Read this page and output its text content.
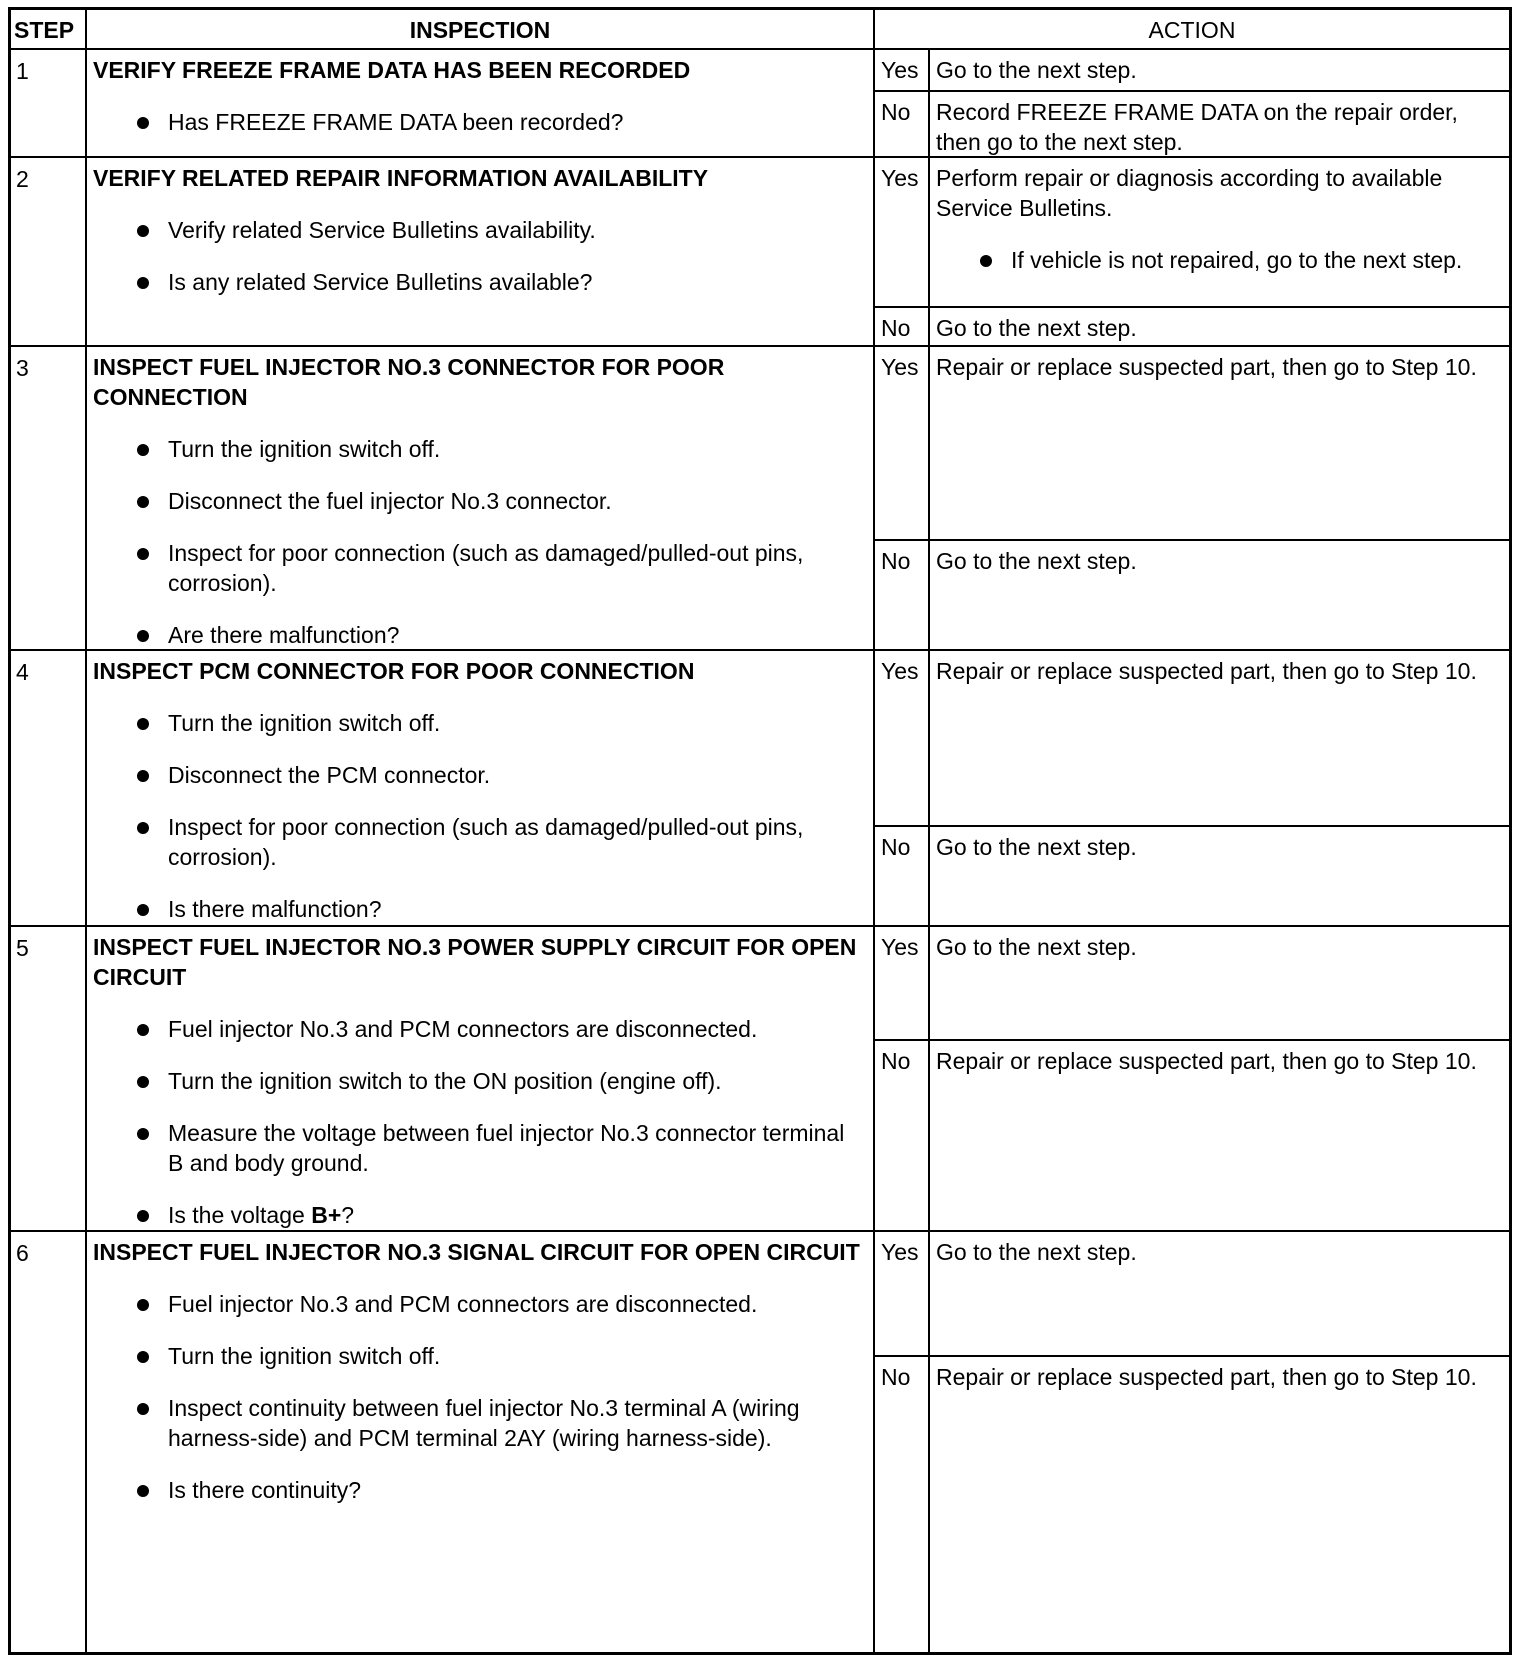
STEP	INSPECTION	ACTION
1	VERIFY FREEZE FRAME DATA HAS BEEN RECORDED

Has FREEZE FRAME DATA been recorded?
Yes Go to the next step.
No	Record FREEZE FRAME DATA on the repair order, then go to the next step.
2	VERIFY RELATED REPAIR INFORMATION AVAILABILITY

Verify related Service Bulletins availability.
Is any related Service Bulletins available?
Yes Perform repair or diagnosis according to available Service Bulletins.
If vehicle is not repaired, go to the next step.
No	Go to the next step.
3	INSPECT FUEL INJECTOR NO.3 CONNECTOR FOR POOR CONNECTION

Turn the ignition switch off.
Disconnect the fuel injector No.3 connector.
Inspect for poor connection (such as damaged/pulled-out pins, corrosion).
Are there malfunction?
Yes Repair or replace suspected part, then go to Step 10.
No	Go to the next step.
4	INSPECT PCM CONNECTOR FOR POOR CONNECTION

Turn the ignition switch off.
Disconnect the PCM connector.
Inspect for poor connection (such as damaged/pulled-out pins, corrosion).
Is there malfunction?
Yes Repair or replace suspected part, then go to Step 10.
No	Go to the next step.
5	INSPECT FUEL INJECTOR NO.3 POWER SUPPLY CIRCUIT FOR OPEN CIRCUIT

Fuel injector No.3 and PCM connectors are disconnected.
Turn the ignition switch to the ON position (engine off).
Measure the voltage between fuel injector No.3 connector terminal B and body ground.
Is the voltage B+?
Yes Go to the next step.
No	Repair or replace suspected part, then go to Step 10.
6	INSPECT FUEL INJECTOR NO.3 SIGNAL CIRCUIT FOR OPEN CIRCUIT

Fuel injector No.3 and PCM connectors are disconnected.
Turn the ignition switch off.
Inspect continuity between fuel injector No.3 terminal A (wiring harness-side) and PCM terminal 2AY (wiring harness-side).
Is there continuity?
Yes Go to the next step.
No	Repair or replace suspected part, then go to Step 10.
